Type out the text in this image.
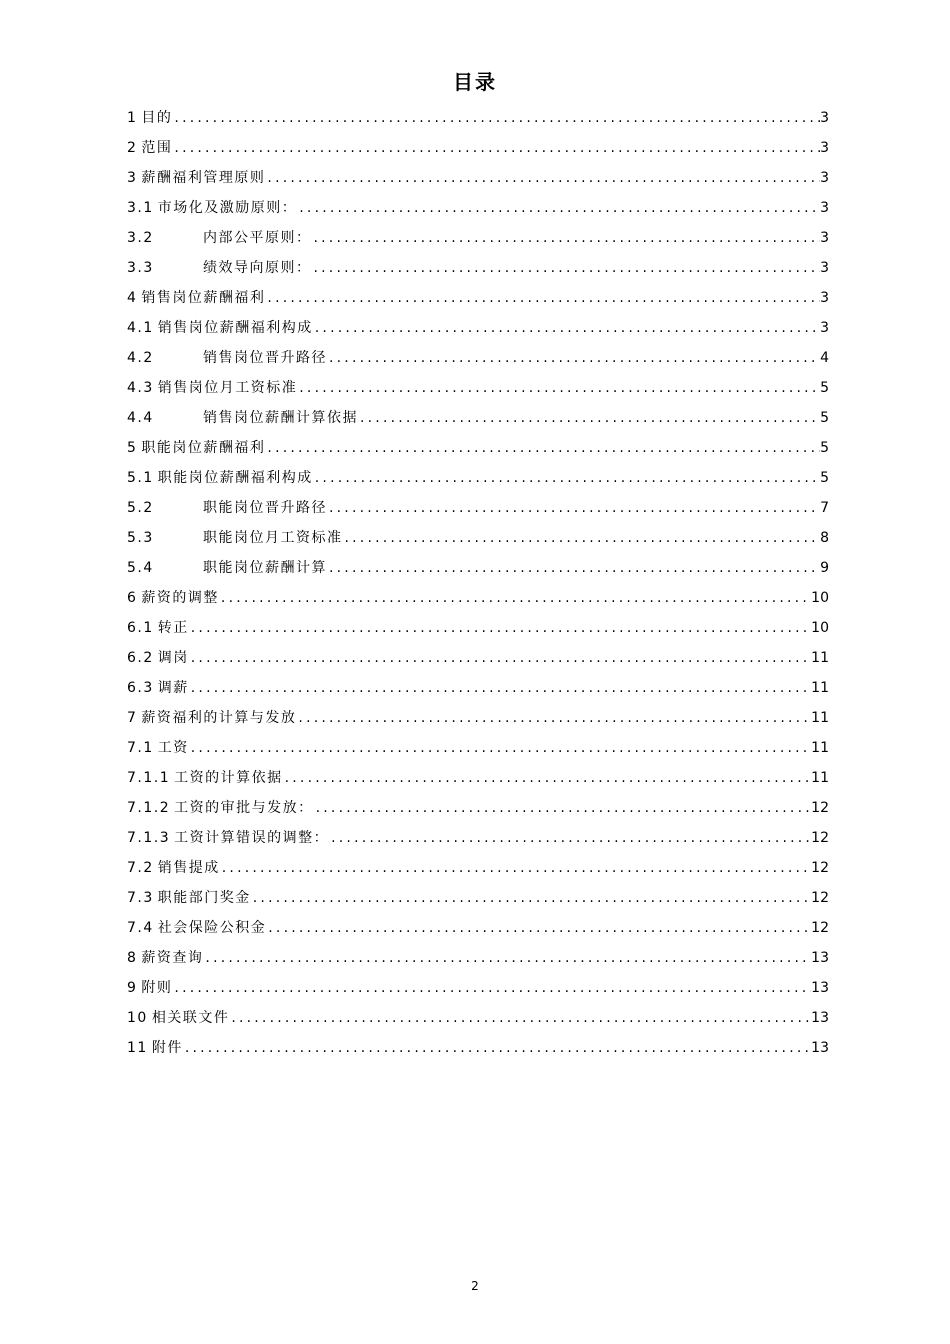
目录
1 目的 .....	3
2 范围 .....	3
3 薪酬福利管理原则 .....	3
3.1 市场化及激励原则： .....	3
3.2	内部公平原则： .....	3
3.3	绩效导向原则： .....	3
4 销售岗位薪酬福利 .....	3
4.1 销售岗位薪酬福利构成 .....	3
4.2	销售岗位晋升路径 .....	4
4.3 销售岗位月工资标准 .....	5
4.4	销售岗位薪酬计算依据 .....	5
5 职能岗位薪酬福利 .....	5
5.1 职能岗位薪酬福利构成 .....	5
5.2	职能岗位晋升路径 .....	7
5.3	职能岗位月工资标准 .....	8
5.4	职能岗位薪酬计算 .....	9
6 薪资的调整 .....	10
6.1 转正 .....	10
6.2 调岗 .....	11
6.3 调薪 .....	11
7 薪资福利的计算与发放 .....	11
7.1 工资 .....	11
7.1.1 工资的计算依据 .....	11
7.1.2 工资的审批与发放： .....	12
7.1.3 工资计算错误的调整： .....	12
7.2 销售提成 .....	12
7.3 职能部门奖金 .....	12
7.4 社会保险公积金 .....	12
8 薪资查询 .....	13
9 附则 .....	13
10 相关联文件 .....	13
11 附件 .....	13
2
